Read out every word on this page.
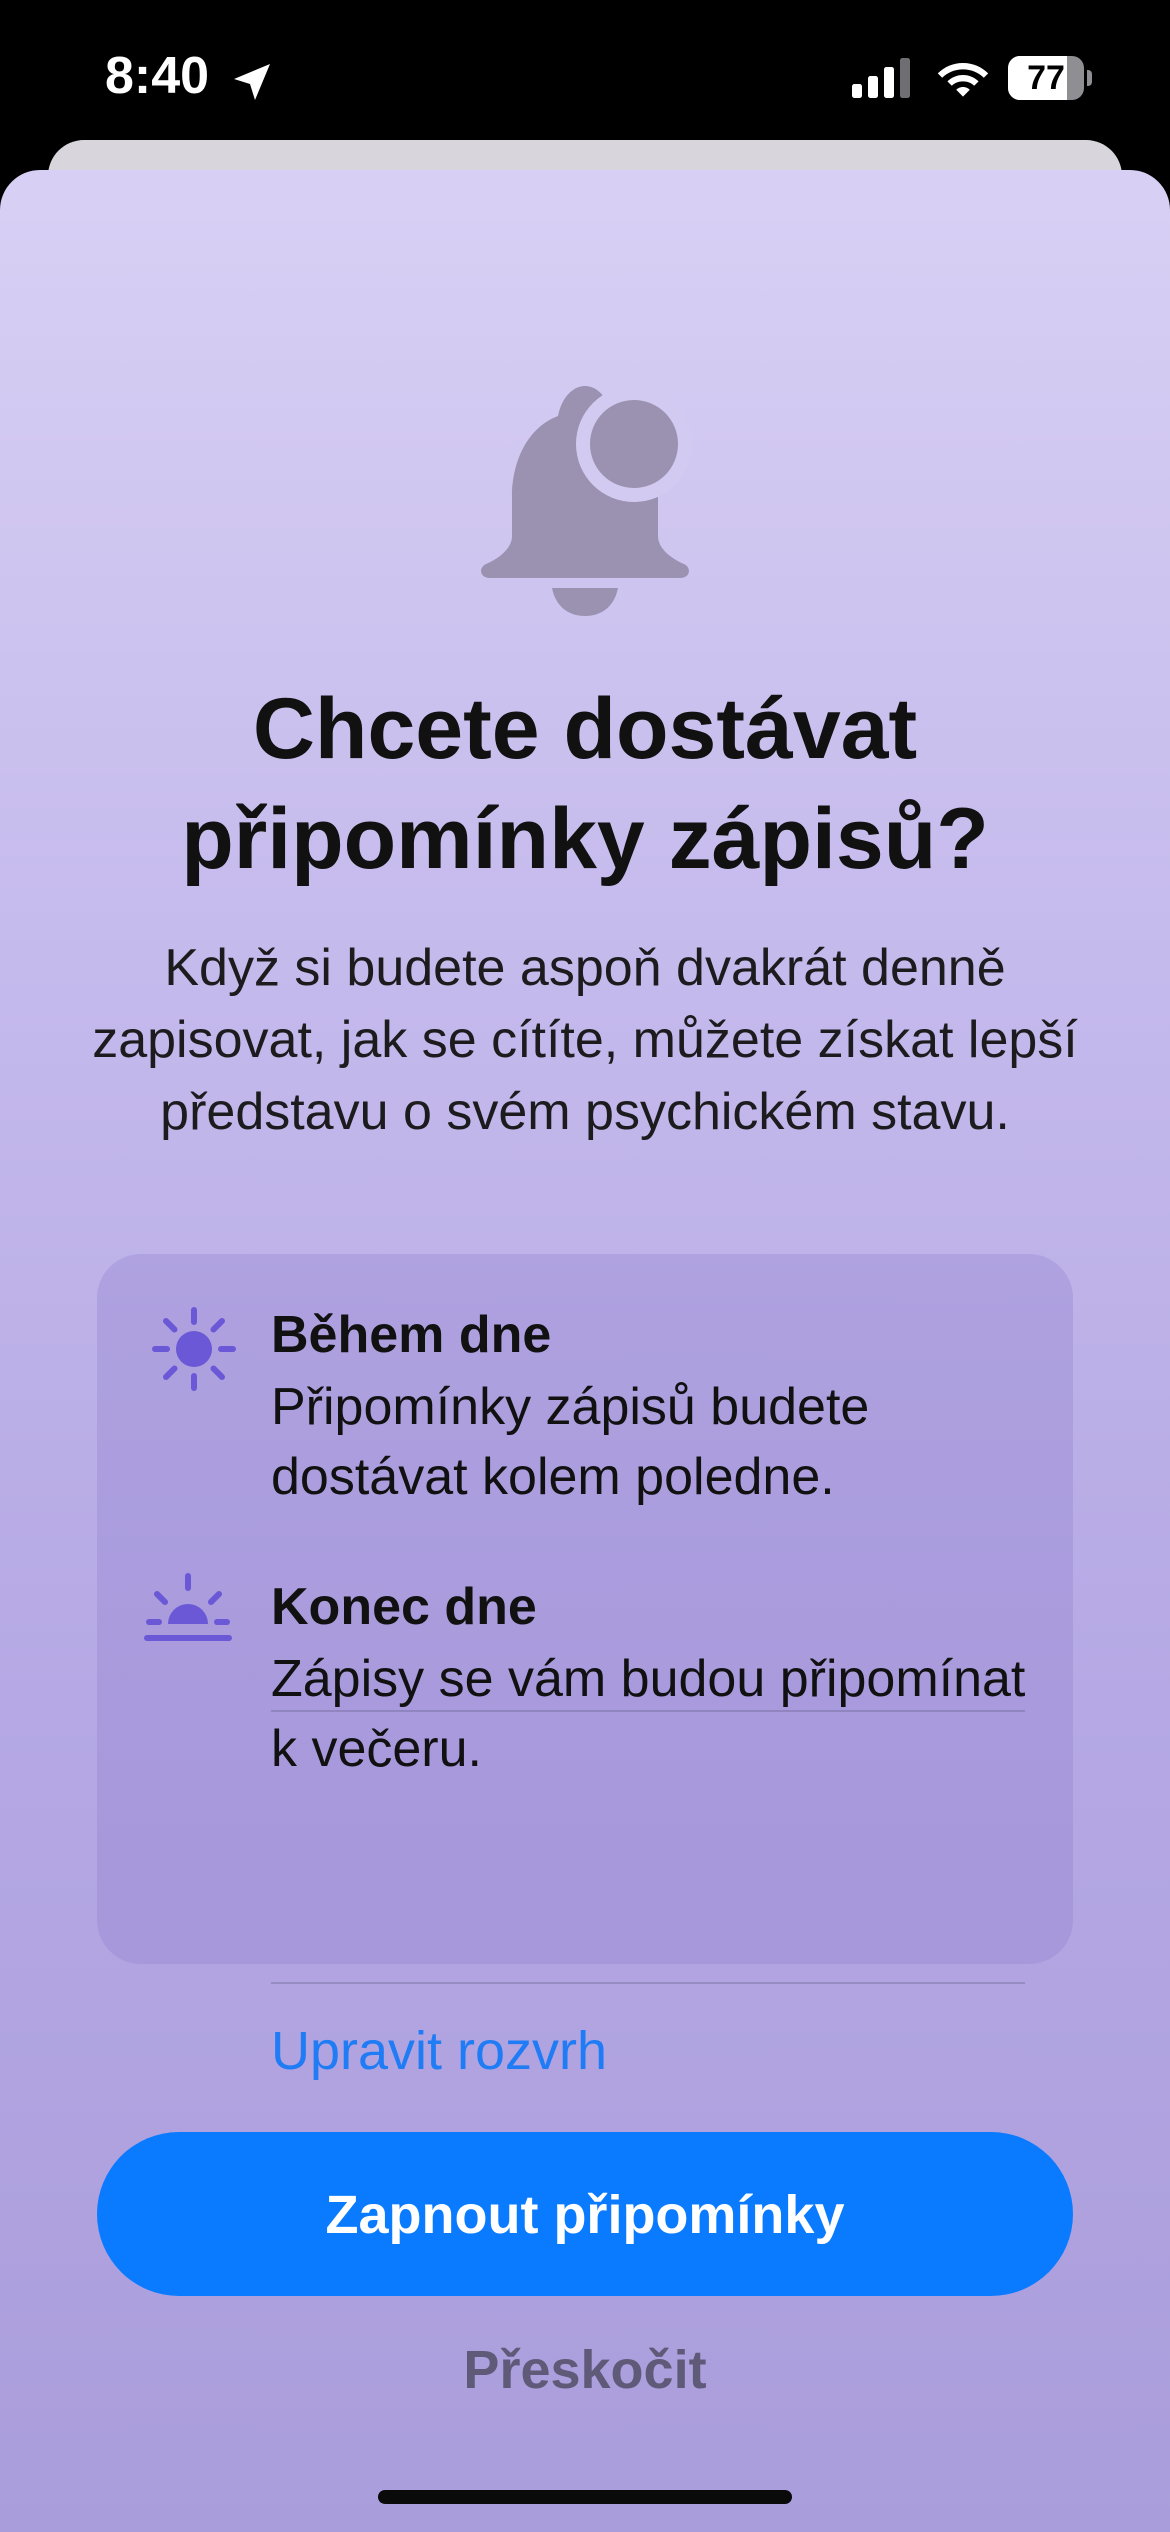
8:40	77
Chcete dostávat připomínky zápisů?

Když si budete aspoň dvakrát denně zapisovat, jak se cítíte, můžete získat lepší představu o svém psychickém stavu.

Během dne
Připomínky zápisů budete dostávat kolem poledne.
Konec dne
Zápisy se vám budou připomínat k večeru.
Upravit rozvrh
Zapnout připomínky
Přeskočit
